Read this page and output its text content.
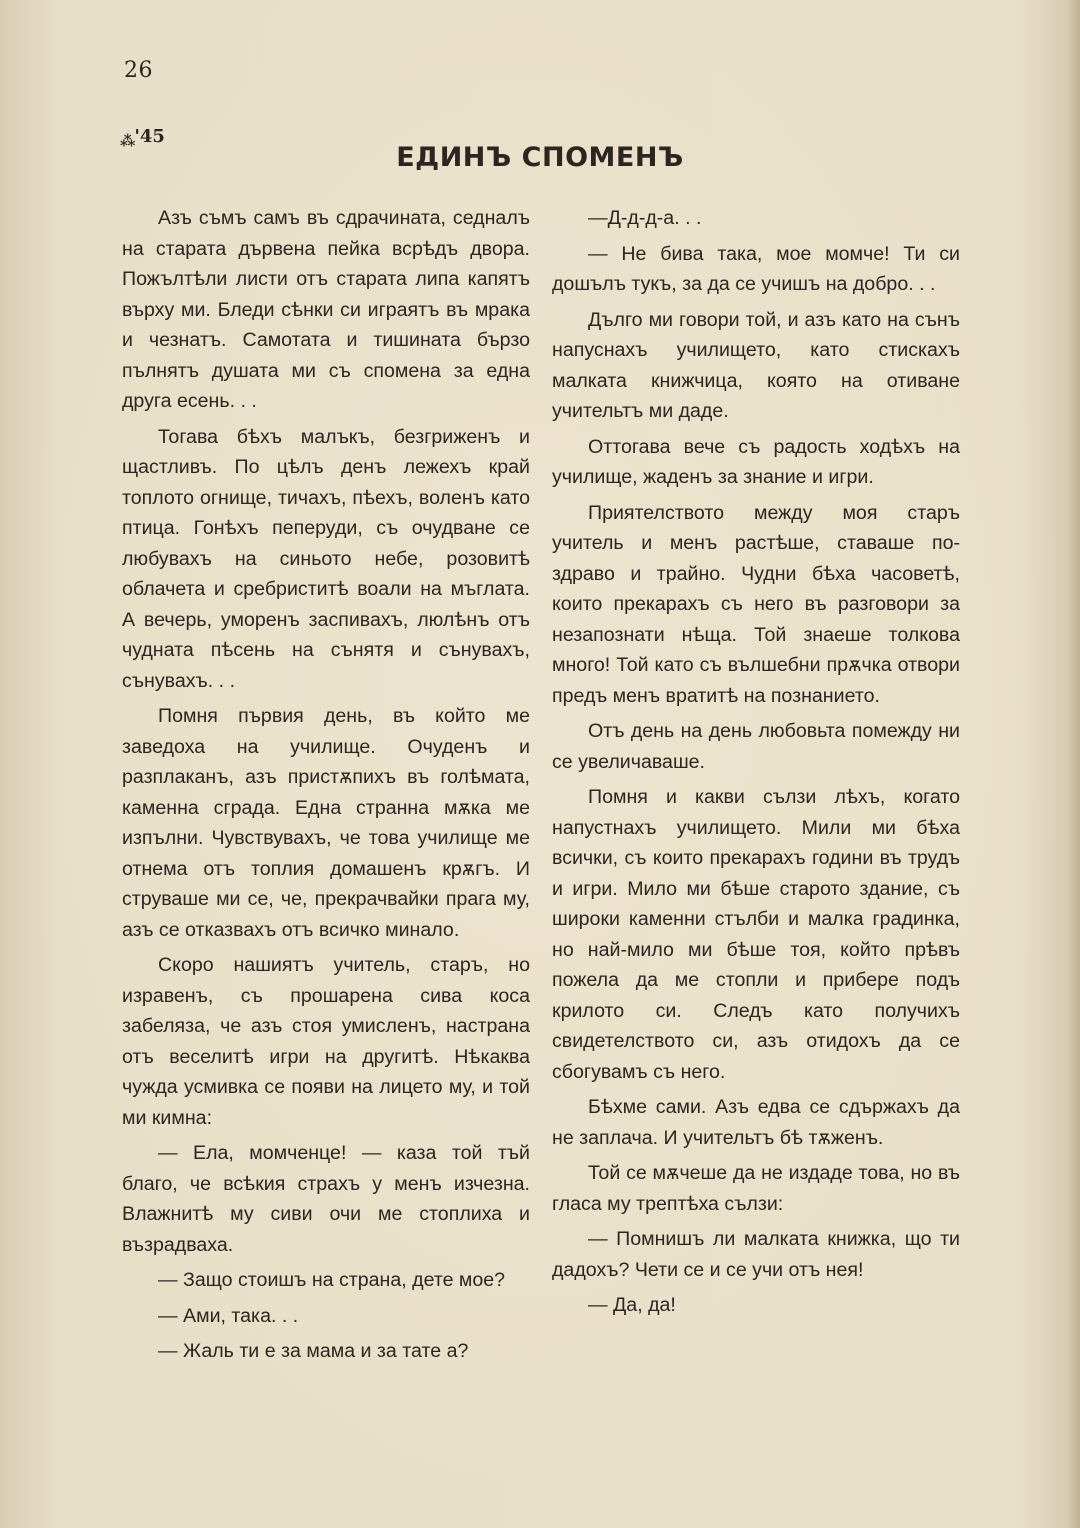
26
$_⁂$'45
ЕДИНЪ СПОМЕНЪ

Азъ съмъ самъ въ сдрачината, седналъ на старата дървена пейка всрѣдъ двора. Пожълтѣли листи отъ старата липа капятъ върху ми. Бледи сѣнки си играятъ въ мрака и чезнатъ. Самотата и тишината бързо пълнятъ душата ми съ спомена за една друга есень. . .

Тогава бѣхъ малъкъ, безгриженъ и щастливъ. По цѣлъ денъ лежехъ край топлото огнище, тичахъ, пѣехъ, воленъ като птица. Гонѣхъ пеперуди, съ очудване се любувахъ на синьото небе, розовитѣ облачета и сребриститѣ воали на мъглата. А вечерь, уморенъ заспивахъ, люлѣнъ отъ чудната пѣсень на сънятя и сънувахъ, сънувахъ. . .

Помня първия день, въ който ме заведоха на училище. Очуденъ и разплаканъ, азъ пристѫпихъ въ голѣмата, каменна сграда. Една странна мѫка ме изпълни. Чувствувахъ, че това училище ме отнема отъ топлия домашенъ крѫгъ. И струваше ми се, че, прекрачвайки прага му, азъ се отказвахъ отъ всичко минало.

Скоро нашиятъ учитель, старъ, но изравенъ, съ прошарена сива коса забеляза, че азъ стоя умисленъ, настрана отъ веселитѣ игри на другитѣ. Нѣкаква чужда усмивка се появи на лицето му, и той ми кимна:

— Ела, момченце! — каза той тъй благо, че всѣкия страхъ у менъ изчезна. Влажнитѣ му сиви очи ме стоплиха и възрадваха.

— Защо стоишъ на страна, дете мое?

— Ами, така. . .

— Жаль ти е за мама и за тате а?

—Д-д-д-а. . .

— Не бива така, мое момче! Ти си дошълъ тукъ, за да се учишъ на добро. . .

Дълго ми говори той, и азъ като на сънъ напуснахъ училището, като стискахъ малката книжчица, която на отиване учительтъ ми даде.

Оттогава вече съ радость ходѣхъ на училище, жаденъ за знание и игри.

Приятелството между моя старъ учитель и менъ растѣше, ставаше по-здраво и трайно. Чудни бѣха часоветѣ, които прекарахъ съ него въ разговори за незапознати нѣща. Той знаеше толкова много! Той като съ вълшебни прѫчка отвори предъ менъ вратитѣ на познанието.

Отъ день на день любовьта помежду ни се увеличаваше.

Помня и какви сълзи лѣхъ, когато напустнахъ училището. Мили ми бѣха всички, съ които прекарахъ години въ трудъ и игри. Мило ми бѣше старото здание, съ широки каменни стълби и малка градинка, но най-мило ми бѣше тоя, който прѣвъ пожела да ме стопли и прибере подъ крилото си. Следъ като получихъ свидетелството си, азъ отидохъ да се сбогувамъ съ него.

Бѣхме сами. Азъ едва се сдържахъ да не заплача. И учительтъ бѣ тѫженъ.

Той се мѫчеше да не издаде това, но въ гласа му трептѣха сълзи:

— Помнишъ ли малката книжка, що ти дадохъ? Чети се и се учи отъ нея!

— Да, да!
